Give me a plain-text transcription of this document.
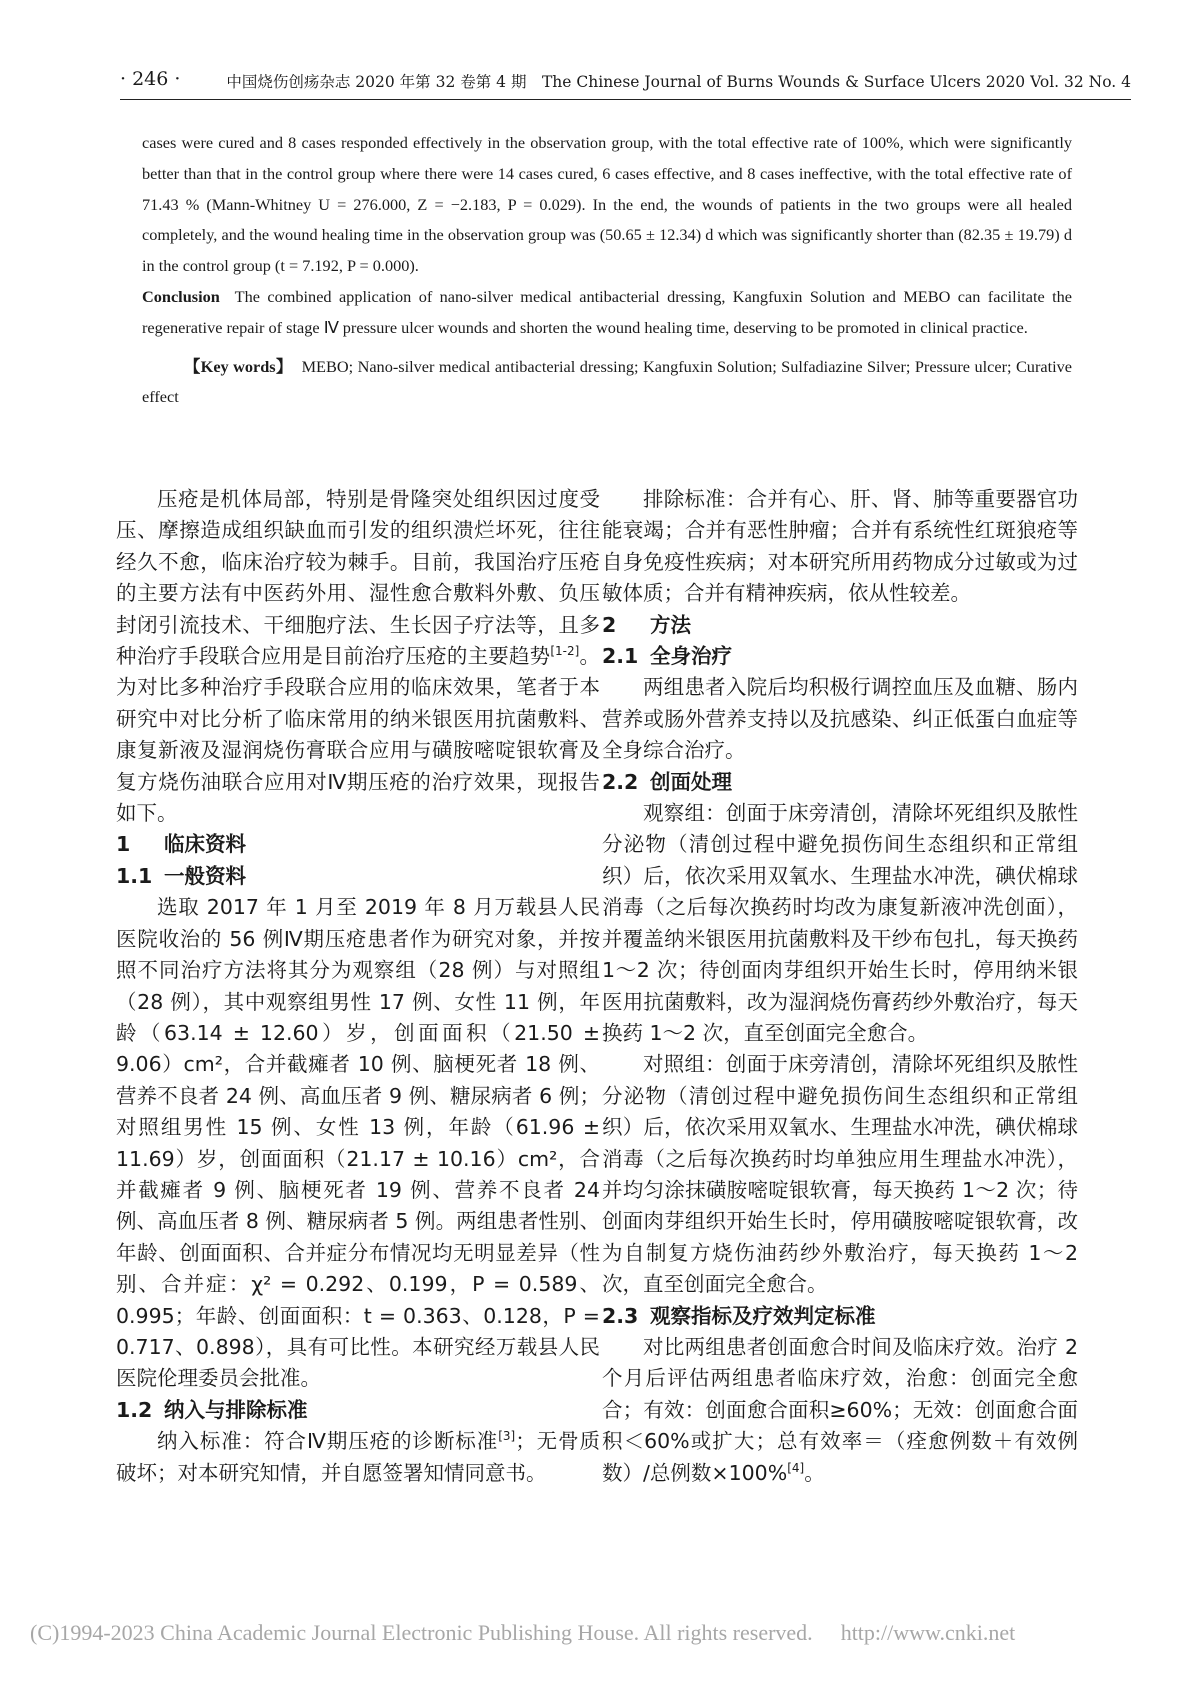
· 246 ·	中国烧伤创疡杂志 2020 年第 32 卷第 4 期　The Chinese Journal of Burns Wounds & Surface Ulcers 2020 Vol. 32 No. 4

cases were cured and 8 cases responded effectively in the observation group, with the total effective rate of 100%, which were significantly better than that in the control group where there were 14 cases cured, 6 cases effective, and 8 cases ineffective, with the total effective rate of 71.43 % (Mann-Whitney U = 276.000, Z = −2.183, P = 0.029). In the end, the wounds of patients in the two groups were all healed completely, and the wound healing time in the observation group was (50.65 ± 12.34) d which was significantly shorter than (82.35 ± 19.79) d in the control group (t = 7.192, P = 0.000).

Conclusion The combined application of nano-silver medical antibacterial dressing, Kangfuxin Solution and MEBO can facilitate the regenerative repair of stage Ⅳ pressure ulcer wounds and shorten the wound healing time, deserving to be promoted in clinical practice.

【Key words】 MEBO; Nano-silver medical antibacterial dressing; Kangfuxin Solution; Sulfadiazine Silver; Pressure ulcer; Curative effect

压疮是机体局部，特别是骨隆突处组织因过度受压、摩擦造成组织缺血而引发的组织溃烂坏死，往往经久不愈，临床治疗较为棘手。目前，我国治疗压疮的主要方法有中医药外用、湿性愈合敷料外敷、负压封闭引流技术、干细胞疗法、生长因子疗法等，且多种治疗手段联合应用是目前治疗压疮的主要趋势[1-2]。为对比多种治疗手段联合应用的临床效果，笔者于本研究中对比分析了临床常用的纳米银医用抗菌敷料、康复新液及湿润烧伤膏联合应用与磺胺嘧啶银软膏及复方烧伤油联合应用对Ⅳ期压疮的治疗效果，现报告如下。

1 临床资料

1.1 一般资料

选取 2017 年 1 月至 2019 年 8 月万载县人民医院收治的 56 例Ⅳ期压疮患者作为研究对象，并按照不同治疗方法将其分为观察组（28 例）与对照组（28 例），其中观察组男性 17 例、女性 11 例，年龄（63.14 ± 12.60）岁，创面面积（21.50 ± 9.06）cm²，合并截瘫者 10 例、脑梗死者 18 例、营养不良者 24 例、高血压者 9 例、糖尿病者 6 例；对照组男性 15 例、女性 13 例，年龄（61.96 ± 11.69）岁，创面面积（21.17 ± 10.16）cm²，合并截瘫者 9 例、脑梗死者 19 例、营养不良者 24 例、高血压者 8 例、糖尿病者 5 例。两组患者性别、年龄、创面面积、合并症分布情况均无明显差异（性别、合并症：χ² = 0.292、0.199，P = 0.589、0.995；年龄、创面面积：t = 0.363、0.128，P = 0.717、0.898），具有可比性。本研究经万载县人民医院伦理委员会批准。

1.2 纳入与排除标准

纳入标准：符合Ⅳ期压疮的诊断标准[3]；无骨质破坏；对本研究知情，并自愿签署知情同意书。

排除标准：合并有心、肝、肾、肺等重要器官功能衰竭；合并有恶性肿瘤；合并有系统性红斑狼疮等自身免疫性疾病；对本研究所用药物成分过敏或为过敏体质；合并有精神疾病，依从性较差。

2 方法

2.1 全身治疗

两组患者入院后均积极行调控血压及血糖、肠内营养或肠外营养支持以及抗感染、纠正低蛋白血症等全身综合治疗。

2.2 创面处理

观察组：创面于床旁清创，清除坏死组织及脓性分泌物（清创过程中避免损伤间生态组织和正常组织）后，依次采用双氧水、生理盐水冲洗，碘伏棉球消毒（之后每次换药时均改为康复新液冲洗创面），并覆盖纳米银医用抗菌敷料及干纱布包扎，每天换药 1～2 次；待创面肉芽组织开始生长时，停用纳米银医用抗菌敷料，改为湿润烧伤膏药纱外敷治疗，每天换药 1～2 次，直至创面完全愈合。

对照组：创面于床旁清创，清除坏死组织及脓性分泌物（清创过程中避免损伤间生态组织和正常组织）后，依次采用双氧水、生理盐水冲洗，碘伏棉球消毒（之后每次换药时均单独应用生理盐水冲洗），并均匀涂抹磺胺嘧啶银软膏，每天换药 1～2 次；待创面肉芽组织开始生长时，停用磺胺嘧啶银软膏，改为自制复方烧伤油药纱外敷治疗，每天换药 1～2 次，直至创面完全愈合。

2.3 观察指标及疗效判定标准

对比两组患者创面愈合时间及临床疗效。治疗 2 个月后评估两组患者临床疗效，治愈：创面完全愈合；有效：创面愈合面积≥60%；无效：创面愈合面积＜60%或扩大；总有效率＝（痊愈例数＋有效例数）/总例数×100%[4]。

(C)1994-2023 China Academic Journal Electronic Publishing House. All rights reserved. http://www.cnki.net
